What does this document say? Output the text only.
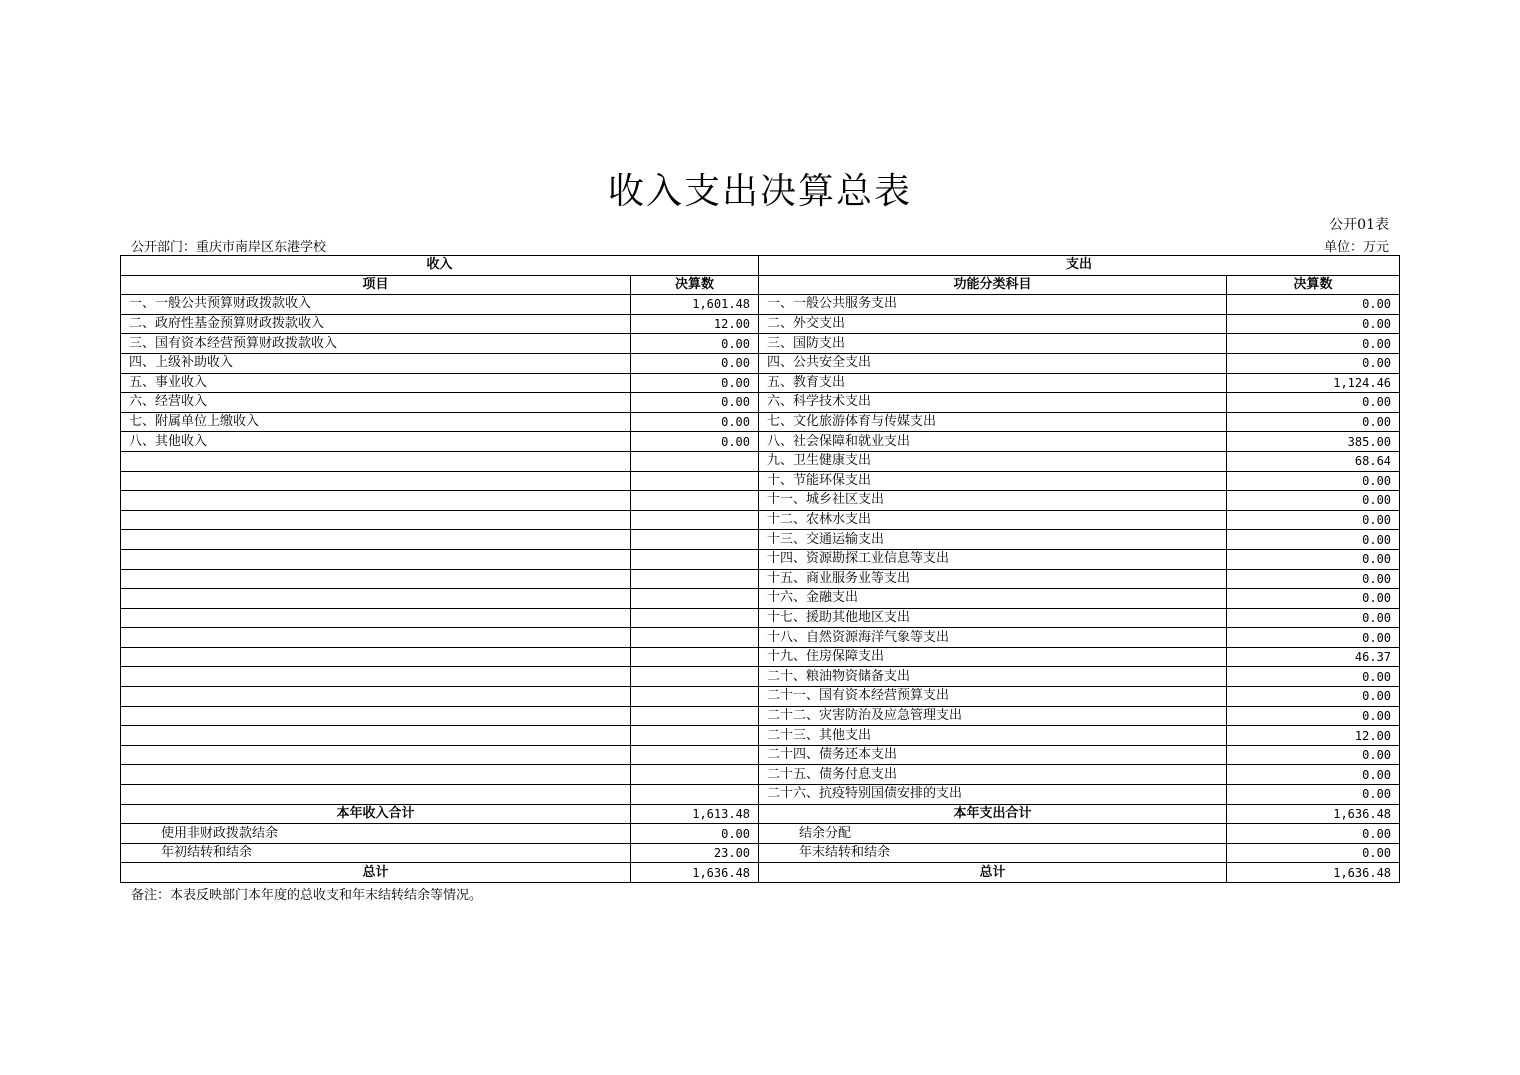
收入支出决算总表
公开01表
公开部门：重庆市南岸区东港学校	单位：万元
收入		支出	
项目	决算数	功能分类科目	决算数
一、一般公共预算财政拨款收入	1,601.48	一、一般公共服务支出	0.00
二、政府性基金预算财政拨款收入	12.00	二、外交支出	0.00
三、国有资本经营预算财政拨款收入	0.00	三、国防支出	0.00
四、上级补助收入	0.00	四、公共安全支出	0.00
五、事业收入	0.00	五、教育支出	1,124.46
六、经营收入	0.00	六、科学技术支出	0.00
七、附属单位上缴收入	0.00	七、文化旅游体育与传媒支出	0.00
八、其他收入	0.00	八、社会保障和就业支出	385.00
		九、卫生健康支出	68.64
		十、节能环保支出	0.00
		十一、城乡社区支出	0.00
		十二、农林水支出	0.00
		十三、交通运输支出	0.00
		十四、资源勘探工业信息等支出	0.00
		十五、商业服务业等支出	0.00
		十六、金融支出	0.00
		十七、援助其他地区支出	0.00
		十八、自然资源海洋气象等支出	0.00
		十九、住房保障支出	46.37
		二十、粮油物资储备支出	0.00
		二十一、国有资本经营预算支出	0.00
		二十二、灾害防治及应急管理支出	0.00
		二十三、其他支出	12.00
		二十四、债务还本支出	0.00
		二十五、债务付息支出	0.00
		二十六、抗疫特别国债安排的支出	0.00
本年收入合计	1,613.48	本年支出合计	1,636.48
使用非财政拨款结余	0.00	结余分配	0.00
年初结转和结余	23.00	年末结转和结余	0.00
总计	1,636.48	总计	1,636.48
备注：本表反映部门本年度的总收支和年末结转结余等情况。
